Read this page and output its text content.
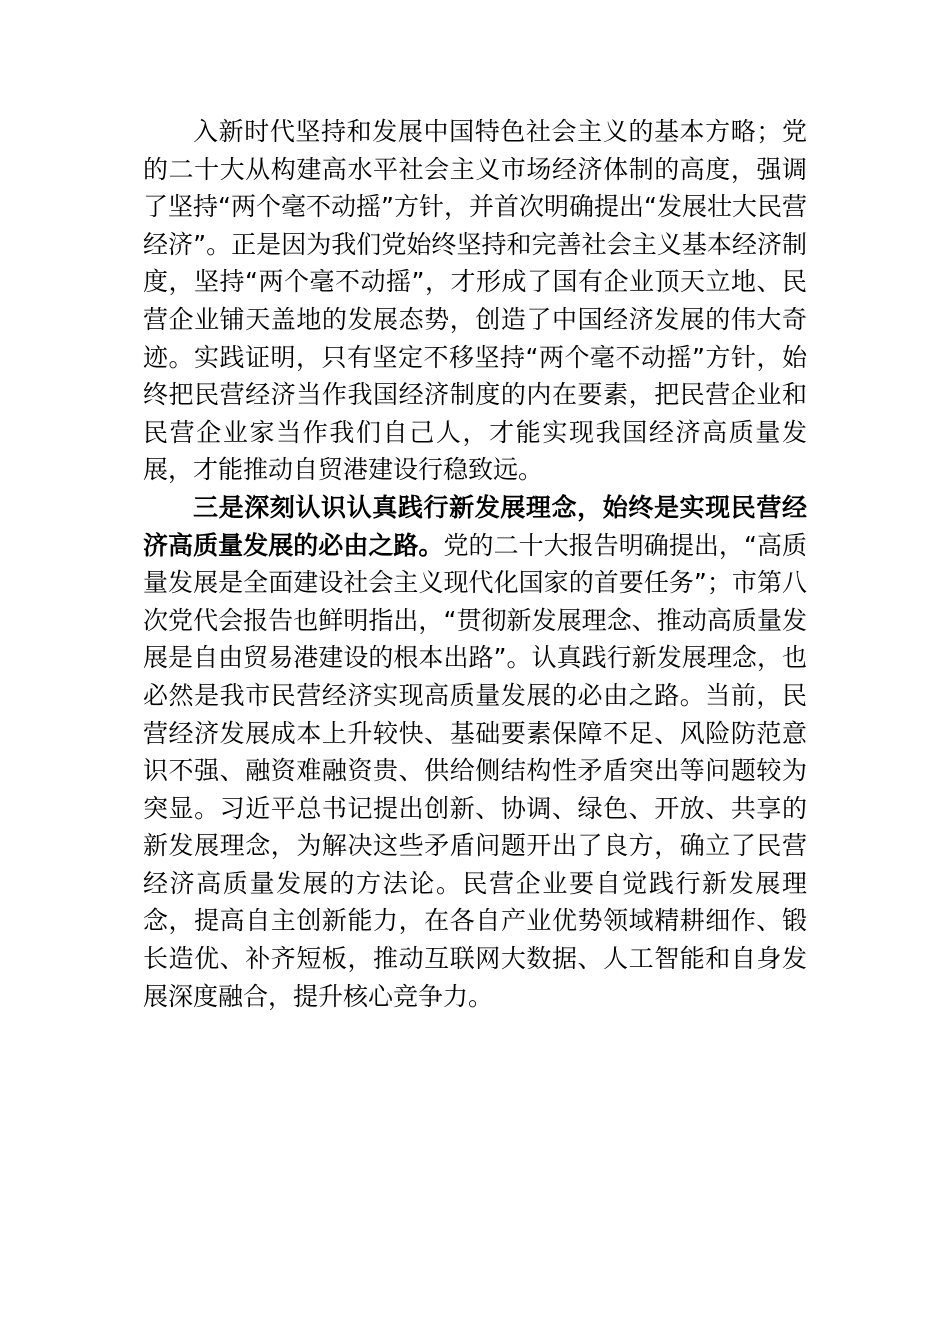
入新时代坚持和发展中国特色社会主义的基本方略；党的二十大从构建高水平社会主义市场经济体制的高度，强调了坚持“两个毫不动摇”方针，并首次明确提出“发展壮大民营经济”。正是因为我们党始终坚持和完善社会主义基本经济制度，坚持“两个毫不动摇”，才形成了国有企业顶天立地、民营企业铺天盖地的发展态势，创造了中国经济发展的伟大奇迹。实践证明，只有坚定不移坚持“两个毫不动摇”方针，始终把民营经济当作我国经济制度的内在要素，把民营企业和民营企业家当作我们自己人，才能实现我国经济高质量发展，才能推动自贸港建设行稳致远。

三是深刻认识认真践行新发展理念，始终是实现民营经济高质量发展的必由之路。党的二十大报告明确提出，“高质量发展是全面建设社会主义现代化国家的首要任务”；市第八次党代会报告也鲜明指出，“贯彻新发展理念、推动高质量发展是自由贸易港建设的根本出路”。认真践行新发展理念，也必然是我市民营经济实现高质量发展的必由之路。当前，民营经济发展成本上升较快、基础要素保障不足、风险防范意识不强、融资难融资贵、供给侧结构性矛盾突出等问题较为突显。习近平总书记提出创新、协调、绿色、开放、共享的新发展理念，为解决这些矛盾问题开出了良方，确立了民营经济高质量发展的方法论。民营企业要自觉践行新发展理念，提高自主创新能力，在各自产业优势领域精耕细作、锻长造优、补齐短板，推动互联网大数据、人工智能和自身发展深度融合，提升核心竞争力。
